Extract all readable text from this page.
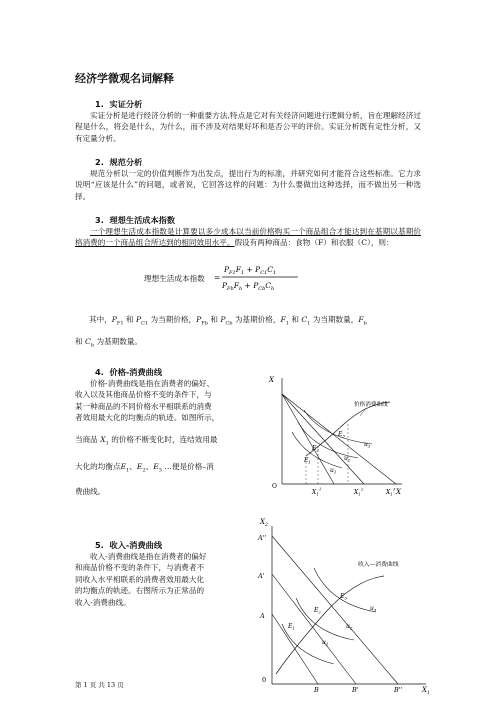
经济学微观名词解释
1. 实证分析
实证分析是进行经济分析的一种重要方法,特点是它对有关经济问题进行逻辑分析，旨在理解经济过程是什么，将会是什么，为什么，而不涉及对结果好坏和是否公平的评价。实证分析既有定性分析，又有定量分析。
2. 规范分析
规范分析以一定的价值判断作为出发点，提出行为的标准，并研究如何才能符合这些标准。它力求说明“应该是什么”的问题，或者说，它回答这样的问题：为什么要做出这种选择，而不做出另一种选择。
3. 理想生活成本指数
一个理想生活成本指数是计算要以多少成本以当前价格购买一个商品组合才能达到在基期以基期价格消费的一个商品组合所达到的相同效用水平。假设有两种商品：食物（F）和衣服（C），则：
理想生活成本指数 =
$P_{F1}F_1 + P_{C1}C_1$
$P_{Fb}F_b + P_{Cb}C_b$
其中，$P_{F1}$ 和 $P_{C1}$ 为当期价格，$P_{Fb}$ 和 $P_{Cb}$ 为基期价格，$F_1$ 和 $C_1$ 为当期数量，$F_b$
和 $C_b$ 为基期数量。
4. 价格-消费曲线
价格-消费曲线是指在消费者的偏好、
收入以及其他商品价格不变的条件下，与
某一种商品的不同价格水平相联系的消费
者效用最大化的均衡点的轨迹。如图所示，
当商品 $X_1$ 的价格不断变化时，连结效用最
大化的均衡点$E_1$、$E_2$、$E_3$ …便是价格–消
费曲线。
X
X
O
价格消费曲线
$E_1$
$E_2$
$E_3$
$u_1$
$u_2$
$u_3$
$X_1^1$	$X_1^2$	$X_1^3$
5. 收入-消费曲线
收入-消费曲线是指在消费者的偏好
和商品价格不变的条件下，与消费者不
同收入水平相联系的消费者效用最大化
的均衡点的轨迹。右图所示为正常品的
收入-消费曲线。
$X_2$
$X_1$
0
A''
A'
A
B	B'	B''
收入—消费曲线
$E_1$
$E_2$
$E_3$
$u_1$
$u_2$
$u_3$
第 1 页 共 13 页
